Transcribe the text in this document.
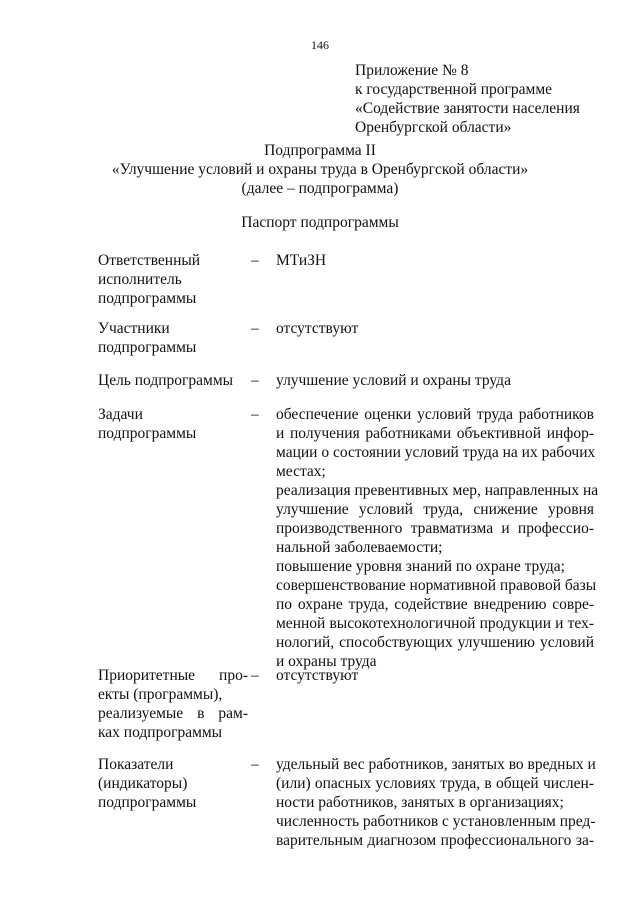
146
Приложение № 8
к государственной программе
«Содействие занятости населения
Оренбургской области»
Подпрограмма II
«Улучшение условий и охраны труда в Оренбургской области»
(далее – подпрограмма)
Паспорт подпрограммы
Ответственный
исполнитель
подпрограммы
–	МТиЗН
Участники
подпрограммы
–	отсутствуют
Цель подпрограммы	–	улучшение условий и охраны труда
Задачи
подпрограммы
–	обеспечение оценки условий труда работников
и получения работниками объективной инфор-
мации о состоянии условий труда на их рабочих
местах;
реализация превентивных мер, направленных на
улучшение условий труда, снижение уровня
производственного травматизма и профессио-
нальной заболеваемости;
повышение уровня знаний по охране труда;
совершенствование нормативной правовой базы
по охране труда, содействие внедрению совре-
менной высокотехнологичной продукции и тех-
нологий, способствующих улучшению условий
и охраны труда
Приоритетные про-
екты (программы),
реализуемые в рам-
ках подпрограммы
–	отсутствуют
Показатели
(индикаторы)
подпрограммы
–	удельный вес работников, занятых во вредных и
(или) опасных условиях труда, в общей числен-
ности работников, занятых в организациях;
численность работников с установленным пред-
варительным диагнозом профессионального за-
